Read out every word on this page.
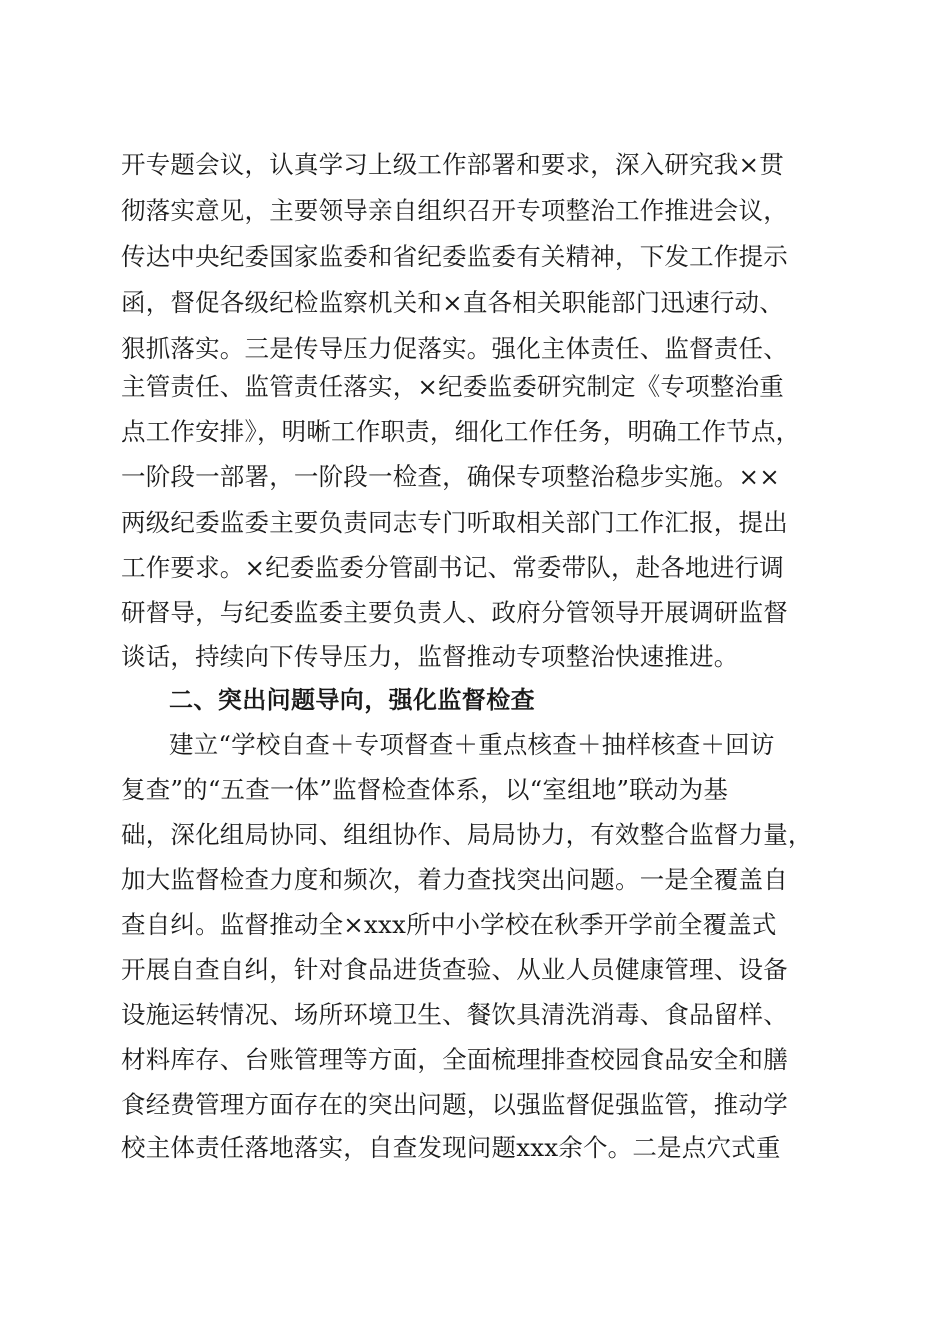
开专题会议，认真学习上级工作部署和要求，深入研究我×贯
彻落实意见，主要领导亲自组织召开专项整治工作推进会议，
传达中央纪委国家监委和省纪委监委有关精神，下发工作提示
函，督促各级纪检监察机关和×直各相关职能部门迅速行动、
狠抓落实。三是传导压力促落实。强化主体责任、监督责任、
主管责任、监管责任落实，×纪委监委研究制定《专项整治重
点工作安排》，明晰工作职责，细化工作任务，明确工作节点，
一阶段一部署，一阶段一检查，确保专项整治稳步实施。××
两级纪委监委主要负责同志专门听取相关部门工作汇报，提出
工作要求。×纪委监委分管副书记、常委带队，赴各地进行调
研督导，与纪委监委主要负责人、政府分管领导开展调研监督
谈话，持续向下传导压力，监督推动专项整治快速推进。
二、突出问题导向，强化监督检查
建立“学校自查＋专项督查＋重点核查＋抽样核查＋回访
复查”的“五查一体”监督检查体系，以“室组地”联动为基
础，深化组局协同、组组协作、局局协力，有效整合监督力量，
加大监督检查力度和频次，着力查找突出问题。一是全覆盖自
查自纠。监督推动全×xxx所中小学校在秋季开学前全覆盖式
开展自查自纠，针对食品进货查验、从业人员健康管理、设备
设施运转情况、场所环境卫生、餐饮具清洗消毒、食品留样、
材料库存、台账管理等方面，全面梳理排查校园食品安全和膳
食经费管理方面存在的突出问题，以强监督促强监管，推动学
校主体责任落地落实，自查发现问题xxx余个。二是点穴式重
